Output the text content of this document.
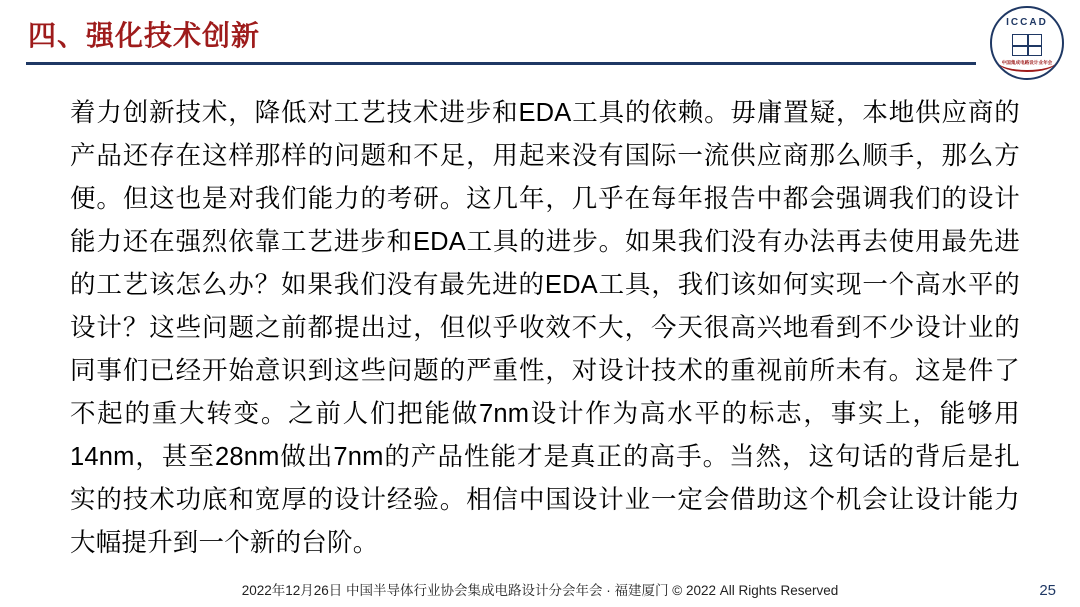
四、强化技术创新	ICCAD
中国集成电路设计业年会
着力创新技术，降低对工艺技术进步和EDA工具的依赖。毋庸置疑，本地供应商的产品还存在这样那样的问题和不足，用起来没有国际一流供应商那么顺手，那么方便。但这也是对我们能力的考研。这几年，几乎在每年报告中都会强调我们的设计能力还在强烈依靠工艺进步和EDA工具的进步。如果我们没有办法再去使用最先进的工艺该怎么办？如果我们没有最先进的EDA工具，我们该如何实现一个高水平的设计？这些问题之前都提出过，但似乎收效不大，今天很高兴地看到不少设计业的同事们已经开始意识到这些问题的严重性，对设计技术的重视前所未有。这是件了不起的重大转变。之前人们把能做7nm设计作为高水平的标志，事实上，能够用14nm，甚至28nm做出7nm的产品性能才是真正的高手。当然，这句话的背后是扎实的技术功底和宽厚的设计经验。相信中国设计业一定会借助这个机会让设计能力大幅提升到一个新的台阶。
2022年12月26日 中国半导体行业协会集成电路设计分会年会 · 福建厦门 © 2022 All Rights Reserved	25
